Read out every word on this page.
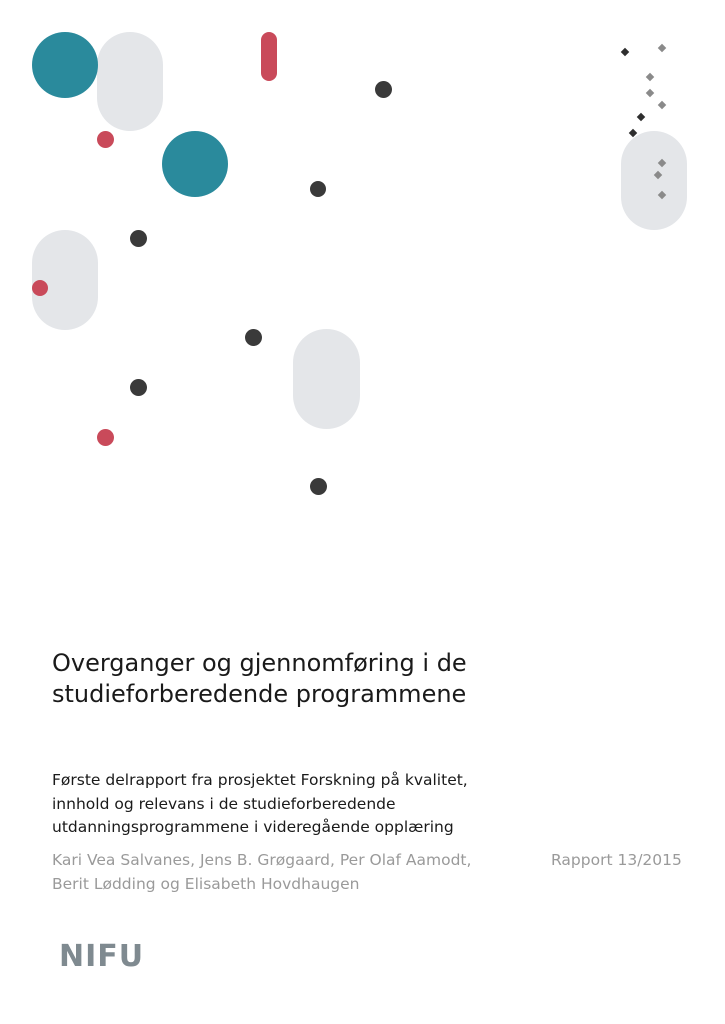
Overganger og gjennomføring i de
studieforberedende programmene

Første delrapport fra prosjektet Forskning på kvalitet,
innhold og relevans i de studieforberedende
utdanningsprogrammene i videregående opplæring

Kari Vea Salvanes, Jens B. Grøgaard, Per Olaf Aamodt,
Berit Lødding og Elisabeth Hovdhaugen

Rapport 13/2015
NIFU
